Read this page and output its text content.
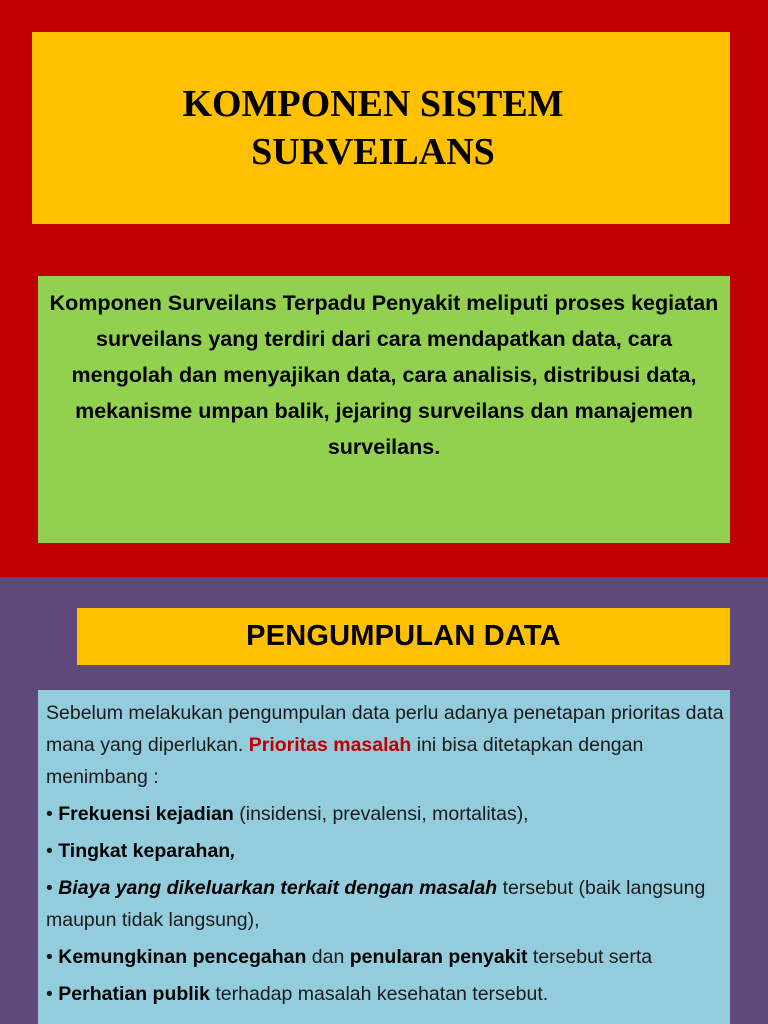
KOMPONEN SISTEM
SURVEILANS
Komponen Surveilans Terpadu Penyakit meliputi proses kegiatan surveilans yang terdiri dari cara mendapatkan data, cara mengolah dan menyajikan data, cara analisis, distribusi data, mekanisme umpan balik, jejaring surveilans dan manajemen surveilans.
PENGUMPULAN DATA

Sebelum melakukan pengumpulan data perlu adanya penetapan prioritas data mana yang diperlukan. Prioritas masalah ini bisa ditetapkan dengan menimbang :

• Frekuensi kejadian (insidensi, prevalensi, mortalitas),

• Tingkat keparahan,

• Biaya yang dikeluarkan terkait dengan masalah tersebut (baik langsung maupun tidak langsung),

• Kemungkinan pencegahan dan penularan penyakit tersebut serta

• Perhatian publik terhadap masalah kesehatan tersebut.
